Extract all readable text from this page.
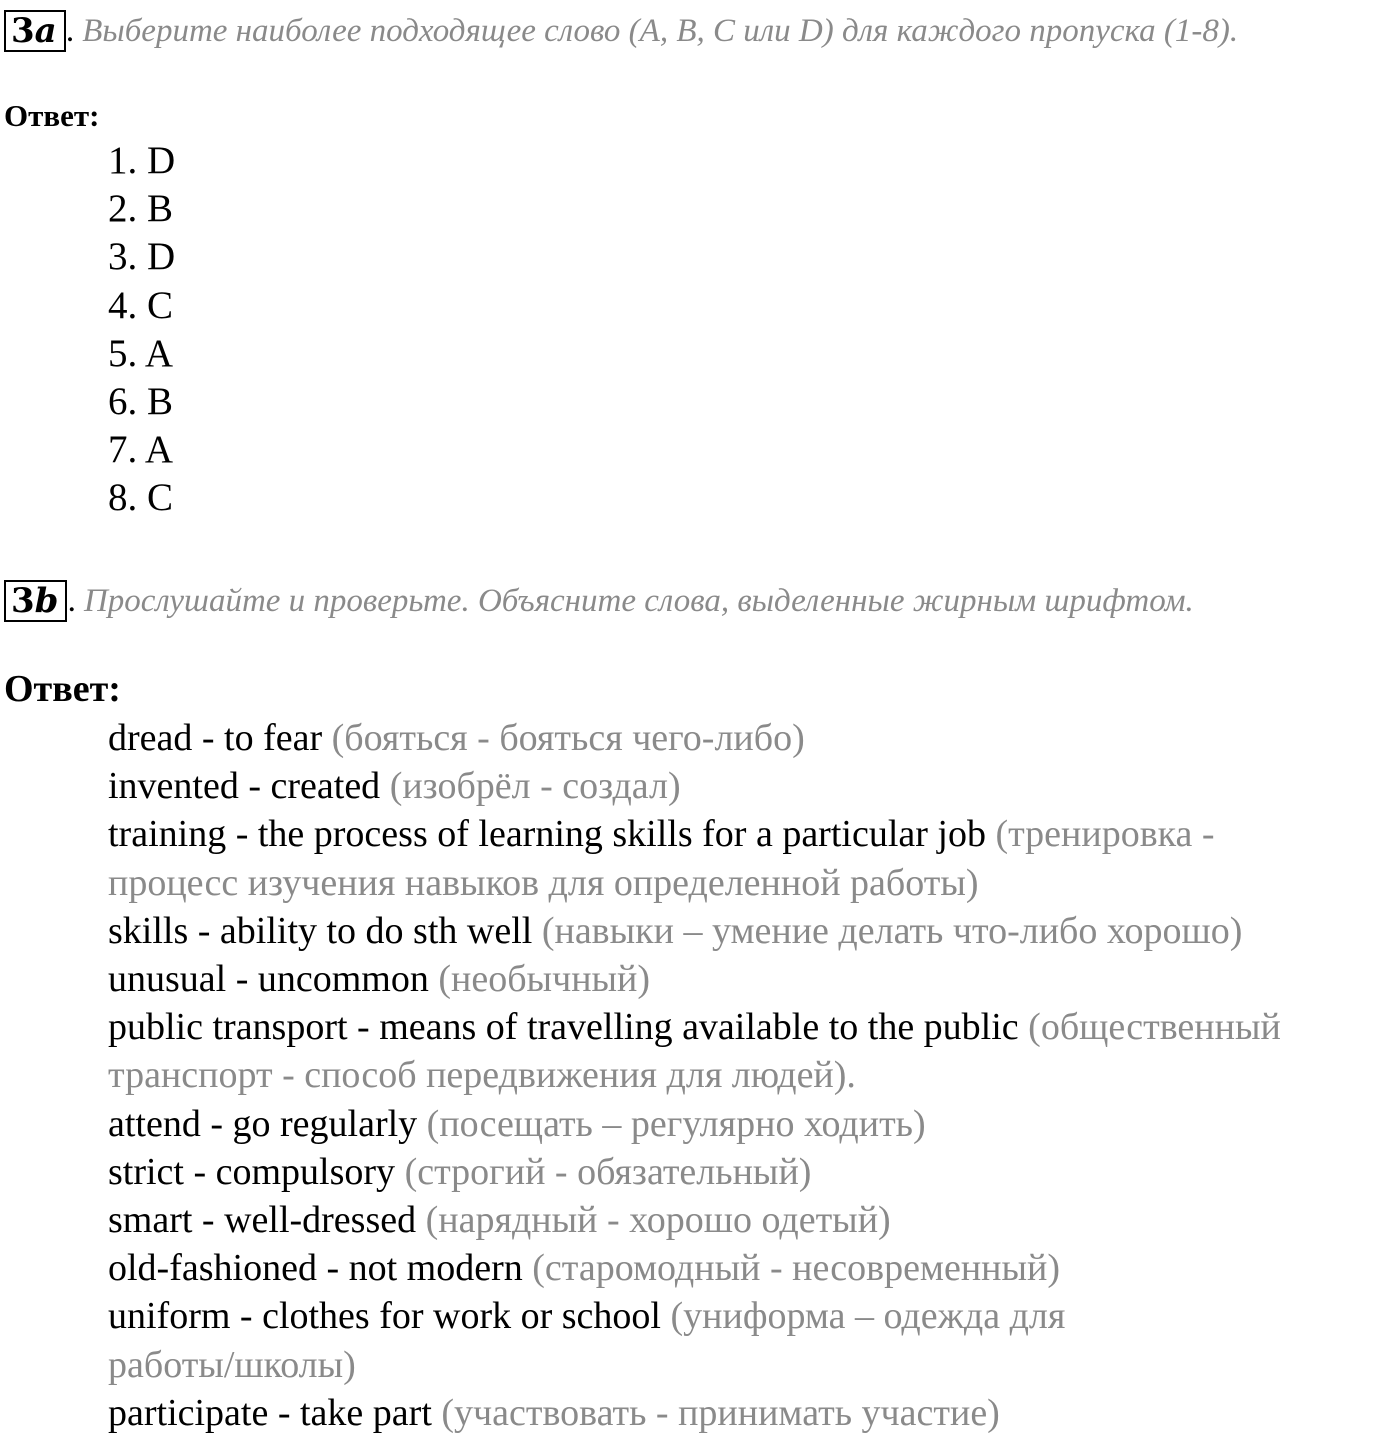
3 a . Выберите наиболее подходящее слово (A, B, C или D) для каждого пропуска (1-8).
Ответ:
1. D
2. B
3. D
4. C
5. A
6. B
7. A
8. C
3 b . Прослушайте и проверьте. Объясните слова, выделенные жирным шрифтом.
Ответ:
dread - to fear (бояться - бояться чего-либо)
invented - created (изобрёл - создал)
training - the process of learning skills for a particular job (тренировка -
процесс изучения навыков для определенной работы)
skills - ability to do sth well (навыки – умение делать что-либо хорошо)
unusual - uncommon (необычный)
public transport - means of travelling available to the public (общественный
транспорт - способ передвижения для людей).
attend - go regularly (посещать – регулярно ходить)
strict - compulsory (строгий - обязательный)
smart - well-dressed (нарядный - хорошо одетый)
old-fashioned - not modern (старомодный - несовременный)
uniform - clothes for work or school (униформа – одежда для
работы/школы)
participate - take part (участвовать - принимать участие)
